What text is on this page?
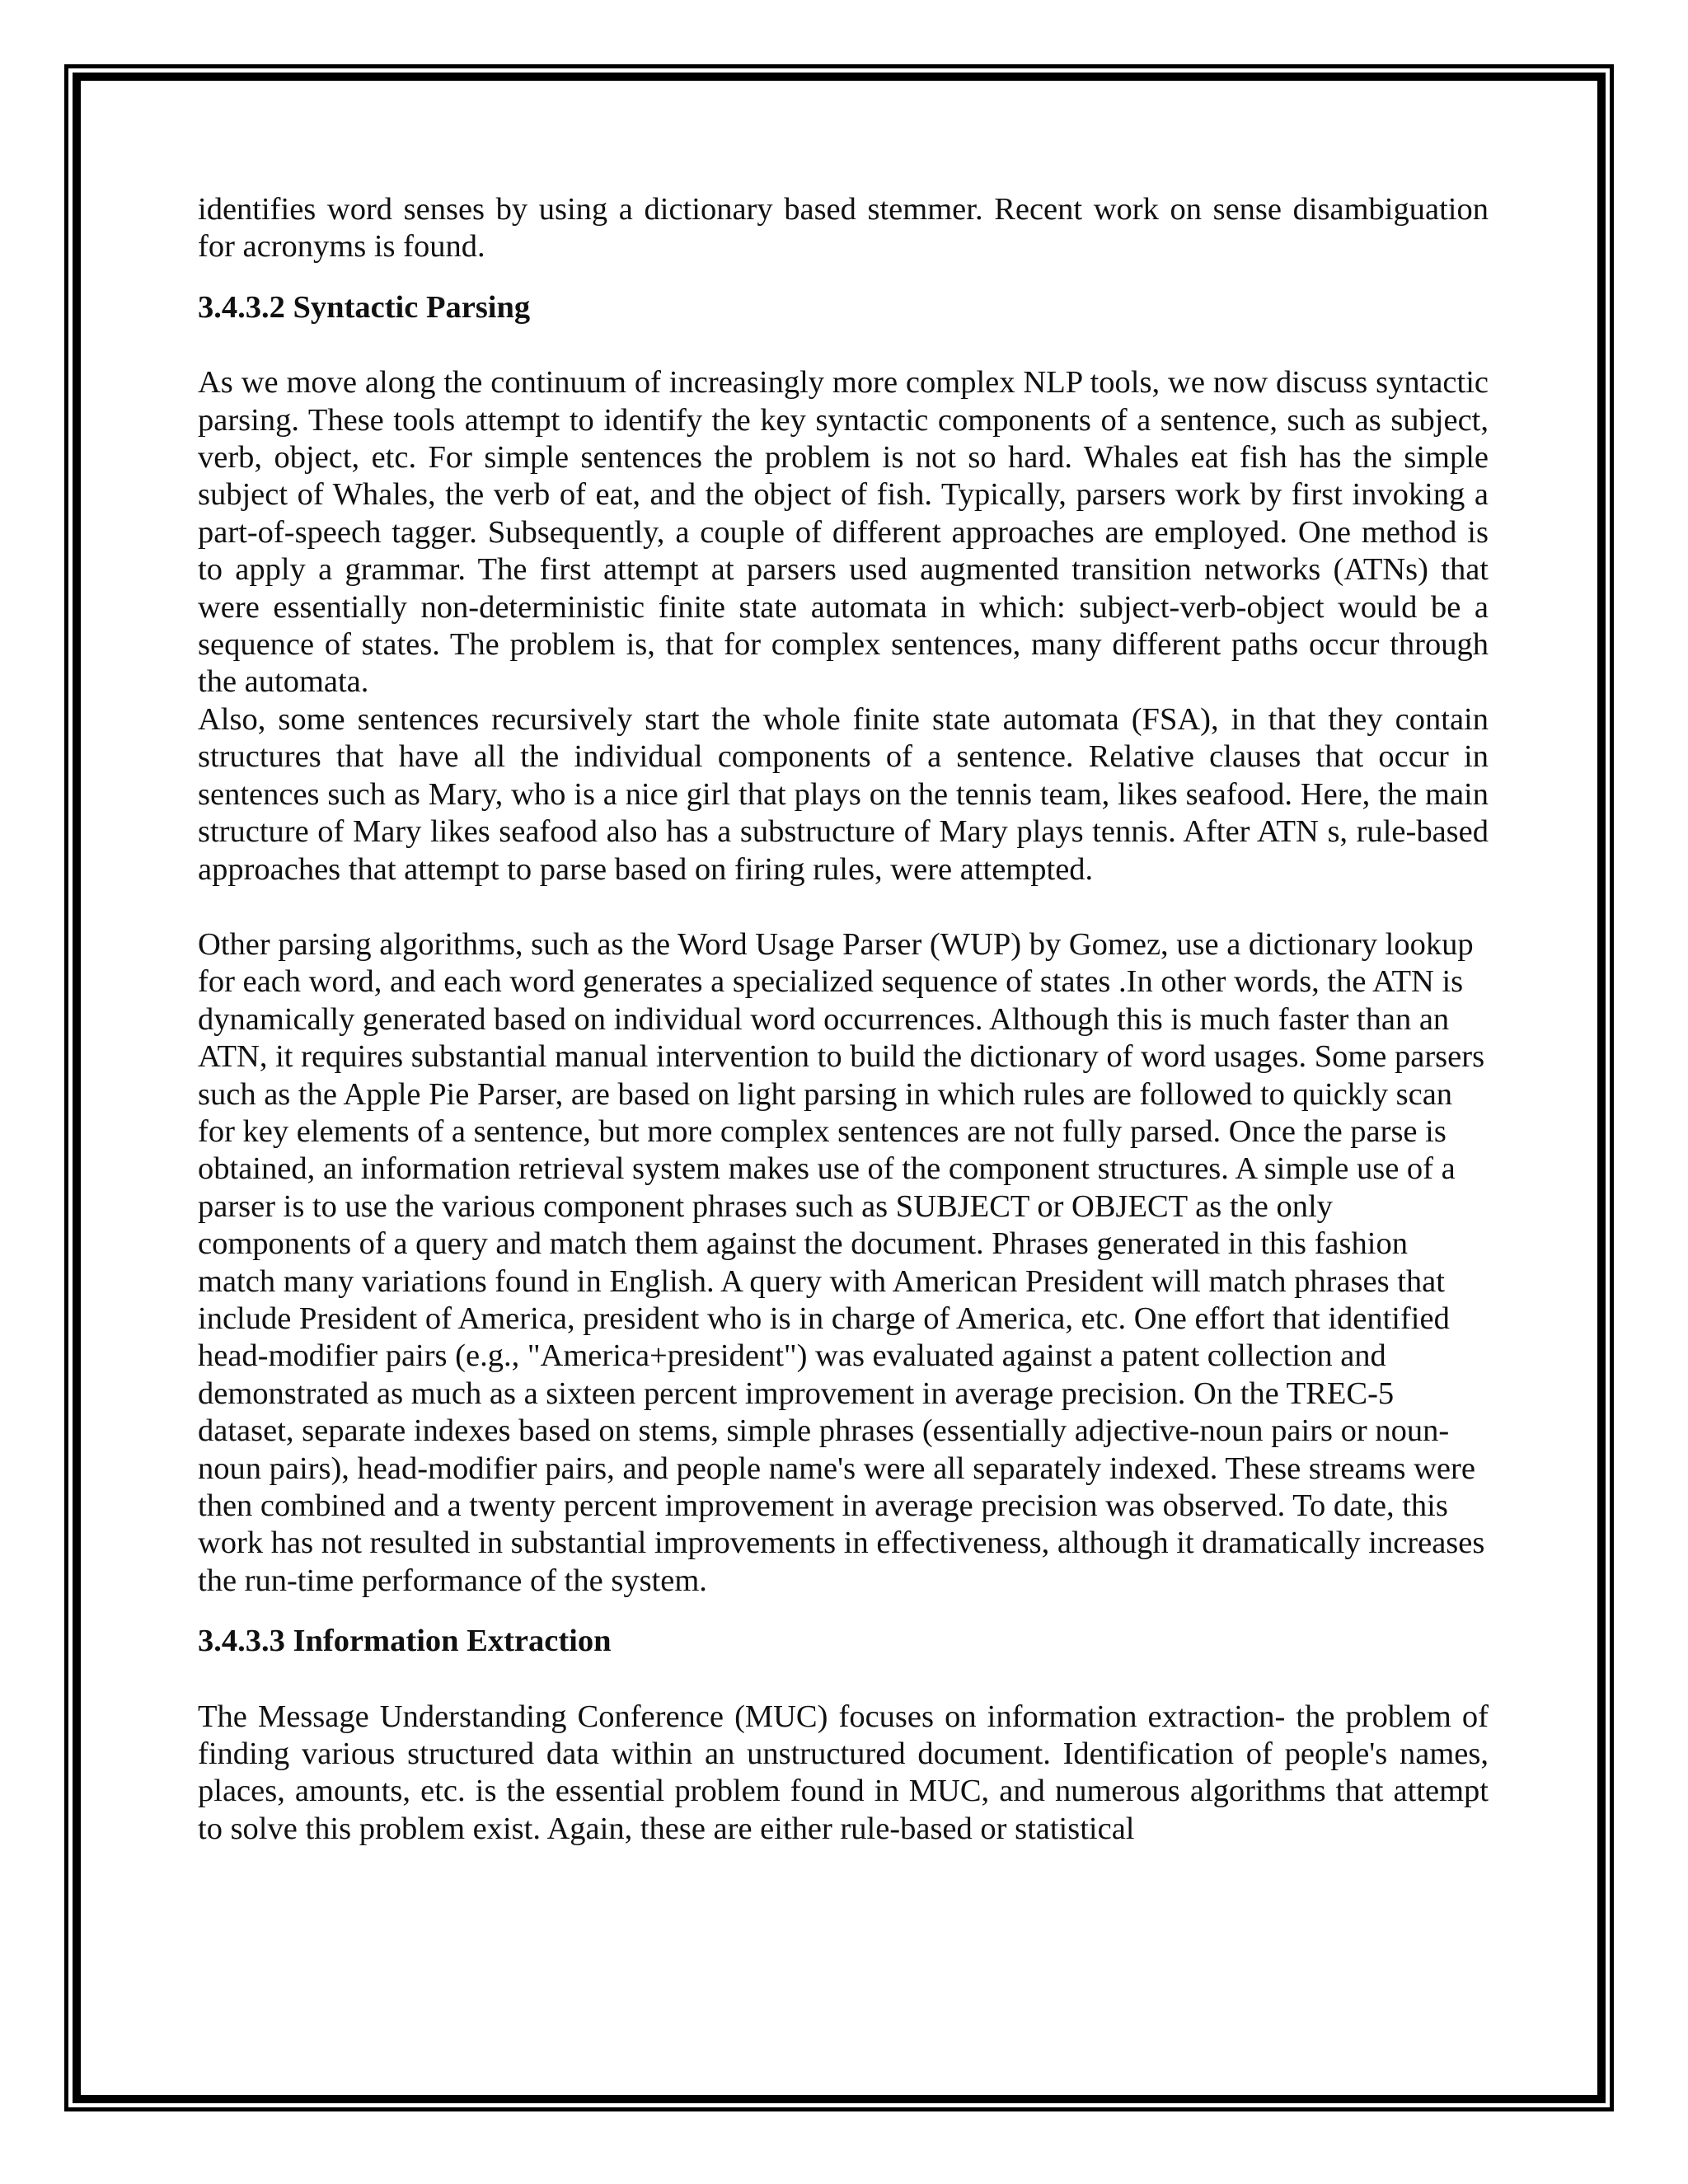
identifies word senses by using a dictionary based stemmer. Recent work on sense disambiguation for acronyms is found.

3.4.3.2 Syntactic Parsing

As we move along the continuum of increasingly more complex NLP tools, we now discuss syntactic parsing. These tools attempt to identify the key syntactic components of a sentence, such as subject, verb, object, etc. For simple sentences the problem is not so hard. Whales eat fish has the simple subject of Whales, the verb of eat, and the object of fish. Typically, parsers work by first invoking a part-of-speech tagger. Subsequently, a couple of different approaches are employed. One method is to apply a grammar. The first attempt at parsers used augmented transition networks (ATNs) that were essentially non-deterministic finite state automata in which: subject-verb-object would be a sequence of states. The problem is, that for complex sentences, many different paths occur through the automata.

Also, some sentences recursively start the whole finite state automata (FSA), in that they contain structures that have all the individual components of a sentence. Relative clauses that occur in sentences such as Mary, who is a nice girl that plays on the tennis team, likes seafood. Here, the main structure of Mary likes seafood also has a substructure of Mary plays tennis. After ATN s, rule-based approaches that attempt to parse based on firing rules, were attempted.

Other parsing algorithms, such as the Word Usage Parser (WUP) by Gomez, use a dictionary lookup for each word, and each word generates a specialized sequence of states .In other words, the ATN is dynamically generated based on individual word occurrences. Although this is much faster than an ATN, it requires substantial manual intervention to build the dictionary of word usages. Some parsers such as the Apple Pie Parser, are based on light parsing in which rules are followed to quickly scan for key elements of a sentence, but more complex sentences are not fully parsed. Once the parse is obtained, an information retrieval system makes use of the component structures. A simple use of a parser is to use the various component phrases such as SUBJECT or OBJECT as the only components of a query and match them against the document. Phrases generated in this fashion match many variations found in English. A query with American President will match phrases that include President of America, president who is in charge of America, etc. One effort that identified head-modifier pairs (e.g., "America+president") was evaluated against a patent collection and demonstrated as much as a sixteen percent improvement in average precision. On the TREC-5 dataset, separate indexes based on stems, simple phrases (essentially adjective-noun pairs or noun-noun pairs), head-modifier pairs, and people name's were all separately indexed. These streams were then combined and a twenty percent improvement in average precision was observed. To date, this work has not resulted in substantial improvements in effectiveness, although it dramatically increases the run-time performance of the system.

3.4.3.3 Information Extraction

The Message Understanding Conference (MUC) focuses on information extraction- the problem of finding various structured data within an unstructured document. Identification of people's names, places, amounts, etc. is the essential problem found in MUC, and numerous algorithms that attempt to solve this problem exist. Again, these are either rule-based or statistical
